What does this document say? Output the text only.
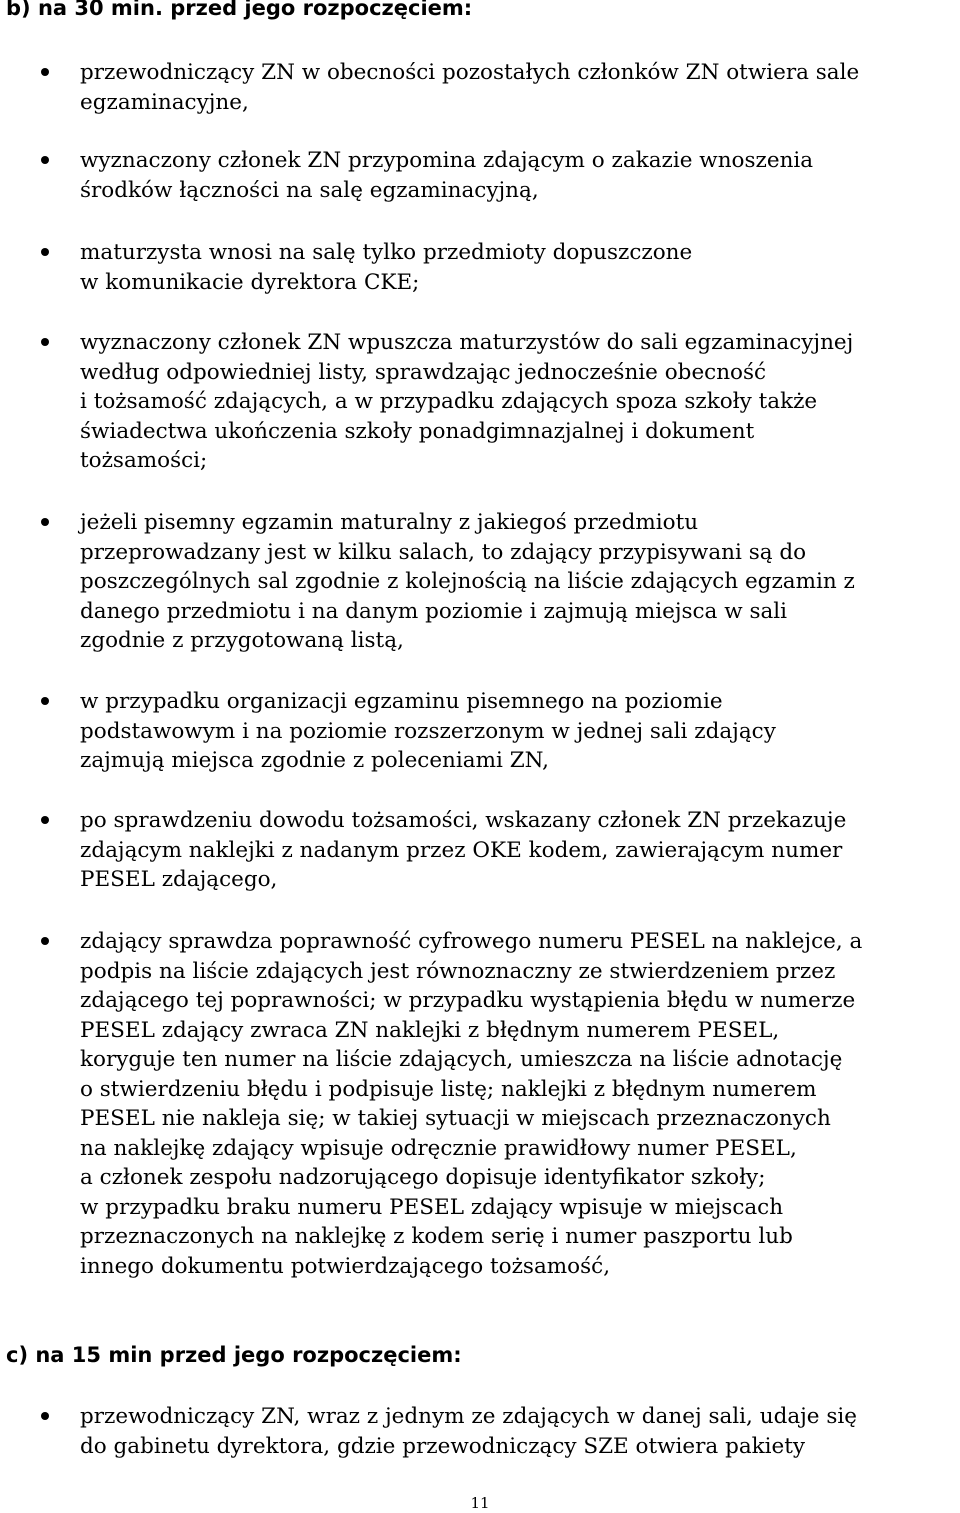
b) na 30 min. przed jego rozpoczęciem:
przewodniczący ZN w obecności pozostałych członków ZN otwiera sale
egzaminacyjne,
wyznaczony członek ZN przypomina zdającym o zakazie wnoszenia
środków łączności na salę egzaminacyjną,
maturzysta wnosi na salę tylko przedmioty dopuszczone
w komunikacie dyrektora CKE;
wyznaczony członek ZN wpuszcza maturzystów do sali egzaminacyjnej
według odpowiedniej listy, sprawdzając jednocześnie obecność
i tożsamość zdających, a w przypadku zdających spoza szkoły także
świadectwa ukończenia szkoły ponadgimnazjalnej i dokument
tożsamości;
jeżeli pisemny egzamin maturalny z jakiegoś przedmiotu
przeprowadzany jest w kilku salach, to zdający przypisywani są do
poszczególnych sal zgodnie z kolejnością na liście zdających egzamin z
danego przedmiotu i na danym poziomie i zajmują miejsca w sali
zgodnie z przygotowaną listą,
w przypadku organizacji egzaminu pisemnego na poziomie
podstawowym i na poziomie rozszerzonym w jednej sali zdający
zajmują miejsca zgodnie z poleceniami ZN,
po sprawdzeniu dowodu tożsamości, wskazany członek ZN przekazuje
zdającym naklejki z nadanym przez OKE kodem, zawierającym numer
PESEL zdającego,
zdający sprawdza poprawność cyfrowego numeru PESEL na naklejce, a
podpis na liście zdających jest równoznaczny ze stwierdzeniem przez
zdającego tej poprawności; w przypadku wystąpienia błędu w numerze
PESEL zdający zwraca ZN naklejki z błędnym numerem PESEL,
koryguje ten numer na liście zdających, umieszcza na liście adnotację
o stwierdzeniu błędu i podpisuje listę; naklejki z błędnym numerem
PESEL nie nakleja się; w takiej sytuacji w miejscach przeznaczonych
na naklejkę zdający wpisuje odręcznie prawidłowy numer PESEL,
a członek zespołu nadzorującego dopisuje identyfikator szkoły;
w przypadku braku numeru PESEL zdający wpisuje w miejscach
przeznaczonych na naklejkę z kodem serię i numer paszportu lub
innego dokumentu potwierdzającego tożsamość,
c) na 15 min przed jego rozpoczęciem:
przewodniczący ZN, wraz z jednym ze zdających w danej sali, udaje się
do gabinetu dyrektora, gdzie przewodniczący SZE otwiera pakiety
11
